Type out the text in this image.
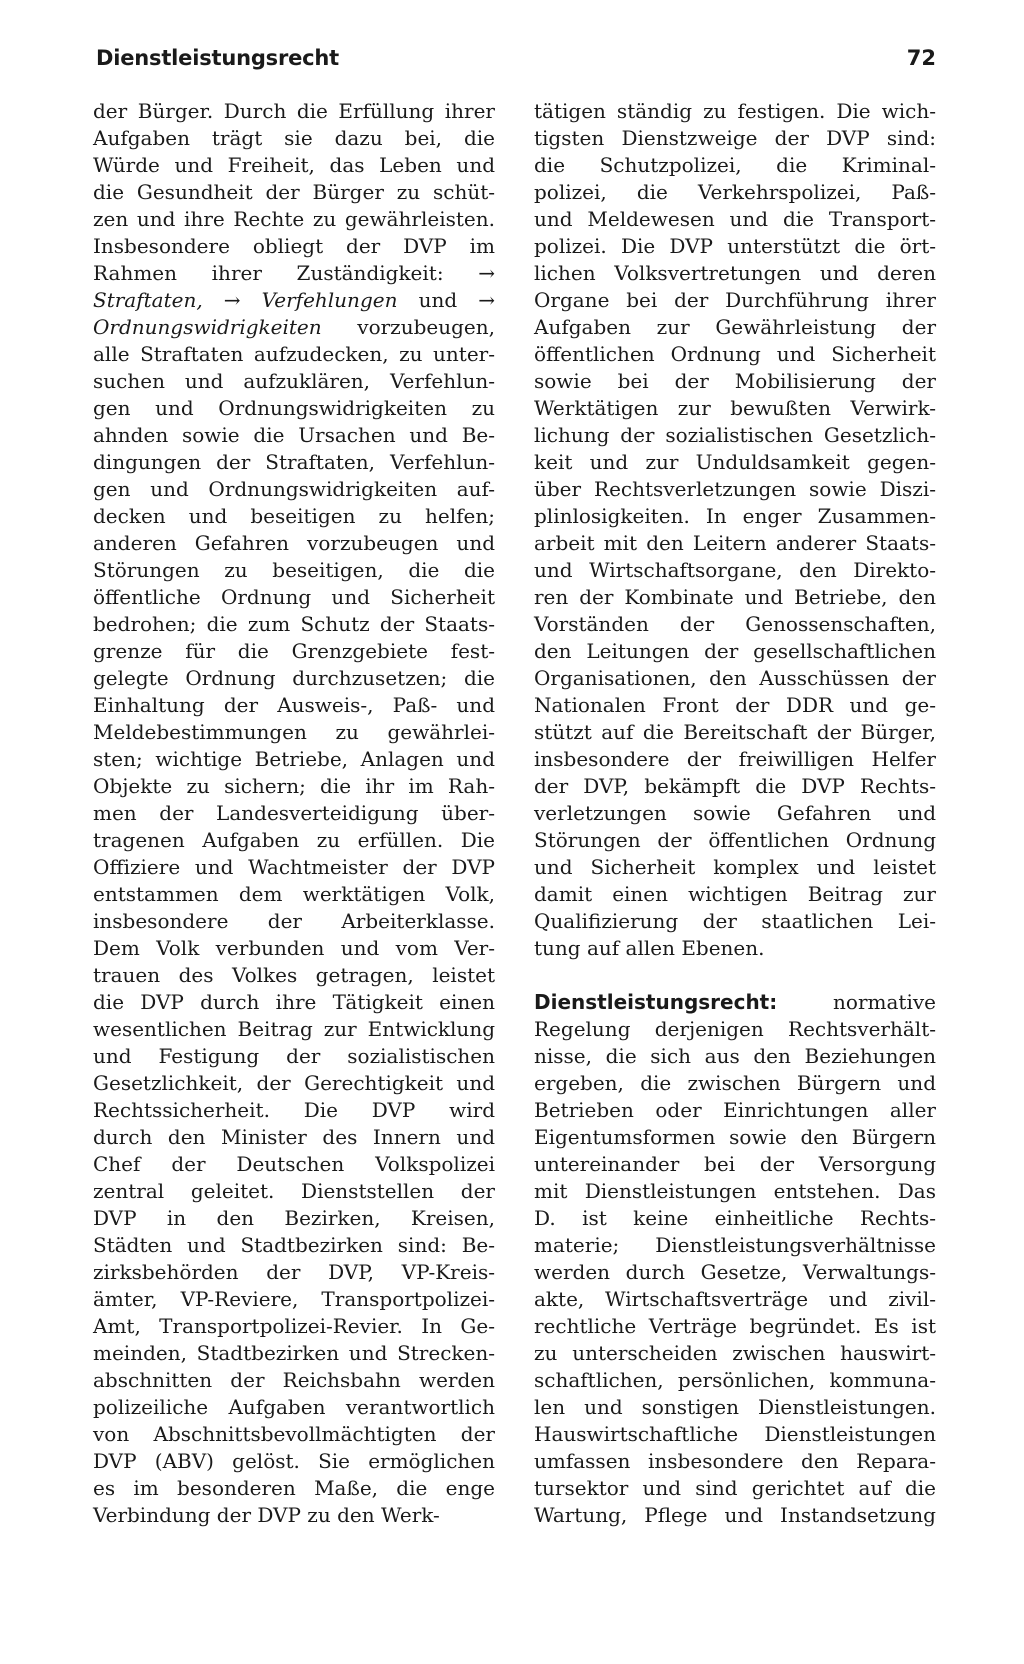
Dienstleistungsrecht	72
der Bürger. Durch die Erfüllung ihrer
Aufgaben trägt sie dazu bei, die
Würde und Freiheit, das Leben und
die Gesundheit der Bürger zu schüt-
zen und ihre Rechte zu gewährleisten.
Insbesondere obliegt der DVP im
Rahmen ihrer Zuständigkeit: →
Straftaten, → Verfehlungen und →
Ordnungswidrigkeiten vorzubeugen,
alle Straftaten aufzudecken, zu unter-
suchen und aufzuklären, Verfehlun-
gen und Ordnungswidrigkeiten zu
ahnden sowie die Ursachen und Be-
dingungen der Straftaten, Verfehlun-
gen und Ordnungswidrigkeiten auf-
decken und beseitigen zu helfen;
anderen Gefahren vorzubeugen und
Störungen zu beseitigen, die die
öffentliche Ordnung und Sicherheit
bedrohen; die zum Schutz der Staats-
grenze für die Grenzgebiete fest-
gelegte Ordnung durchzusetzen; die
Einhaltung der Ausweis-, Paß- und
Meldebestimmungen zu gewährlei-
sten; wichtige Betriebe, Anlagen und
Objekte zu sichern; die ihr im Rah-
men der Landesverteidigung über-
tragenen Aufgaben zu erfüllen. Die
Offiziere und Wachtmeister der DVP
entstammen dem werktätigen Volk,
insbesondere der Arbeiterklasse.
Dem Volk verbunden und vom Ver-
trauen des Volkes getragen, leistet
die DVP durch ihre Tätigkeit einen
wesentlichen Beitrag zur Entwicklung
und Festigung der sozialistischen
Gesetzlichkeit, der Gerechtigkeit und
Rechtssicherheit. Die DVP wird
durch den Minister des Innern und
Chef der Deutschen Volkspolizei
zentral geleitet. Dienststellen der
DVP in den Bezirken, Kreisen,
Städten und Stadtbezirken sind: Be-
zirksbehörden der DVP, VP-Kreis-
ämter, VP-Reviere, Transportpolizei-
Amt, Transportpolizei-Revier. In Ge-
meinden, Stadtbezirken und Strecken-
abschnitten der Reichsbahn werden
polizeiliche Aufgaben verantwortlich
von Abschnittsbevollmächtigten der
DVP (ABV) gelöst. Sie ermöglichen
es im besonderen Maße, die enge
Verbindung der DVP zu den Werk-
tätigen ständig zu festigen. Die wich-
tigsten Dienstzweige der DVP sind:
die Schutzpolizei, die Kriminal-
polizei, die Verkehrspolizei, Paß-
und Meldewesen und die Transport-
polizei. Die DVP unterstützt die ört-
lichen Volksvertretungen und deren
Organe bei der Durchführung ihrer
Aufgaben zur Gewährleistung der
öffentlichen Ordnung und Sicherheit
sowie bei der Mobilisierung der
Werktätigen zur bewußten Verwirk-
lichung der sozialistischen Gesetzlich-
keit und zur Unduldsamkeit gegen-
über Rechtsverletzungen sowie Diszi-
plinlosigkeiten. In enger Zusammen-
arbeit mit den Leitern anderer Staats-
und Wirtschaftsorgane, den Direkto-
ren der Kombinate und Betriebe, den
Vorständen der Genossenschaften,
den Leitungen der gesellschaftlichen
Organisationen, den Ausschüssen der
Nationalen Front der DDR und ge-
stützt auf die Bereitschaft der Bürger,
insbesondere der freiwilligen Helfer
der DVP, bekämpft die DVP Rechts-
verletzungen sowie Gefahren und
Störungen der öffentlichen Ordnung
und Sicherheit komplex und leistet
damit einen wichtigen Beitrag zur
Qualifizierung der staatlichen Lei-
tung auf allen Ebenen.
Dienstleistungsrecht:	normative
Regelung derjenigen Rechtsverhält-
nisse, die sich aus den Beziehungen
ergeben, die zwischen Bürgern und
Betrieben oder Einrichtungen aller
Eigentumsformen sowie den Bürgern
untereinander bei der Versorgung
mit Dienstleistungen entstehen. Das
D. ist keine einheitliche Rechts-
materie; Dienstleistungsverhältnisse
werden durch Gesetze, Verwaltungs-
akte, Wirtschaftsverträge und zivil-
rechtliche Verträge begründet. Es ist
zu unterscheiden zwischen hauswirt-
schaftlichen, persönlichen, kommuna-
len und sonstigen Dienstleistungen.
Hauswirtschaftliche Dienstleistungen
umfassen insbesondere den Repara-
tursektor und sind gerichtet auf die
Wartung, Pflege und Instandsetzung
